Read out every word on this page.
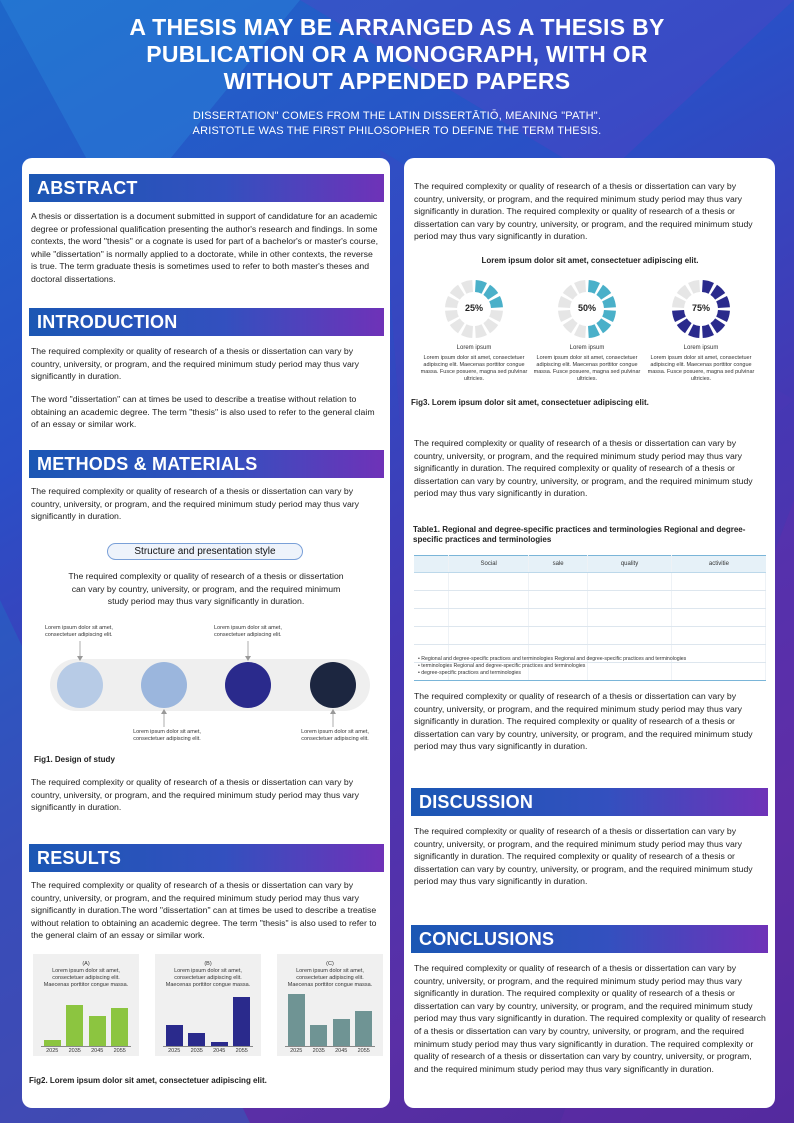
A THESIS MAY BE ARRANGED AS A THESIS BY PUBLICATION OR A MONOGRAPH, WITH OR WITHOUT APPENDED PAPERS
DISSERTATION" COMES FROM THE LATIN DISSERTĀTIŌ, MEANING "PATH".
ARISTOTLE WAS THE FIRST PHILOSOPHER TO DEFINE THE TERM THESIS.
ABSTRACT
A thesis or dissertation is a document submitted in support of candidature for an academic degree or professional qualification presenting the author's research and findings. In some contexts, the word "thesis" or a cognate is used for part of a bachelor's or master's course, while "dissertation" is normally applied to a doctorate, while in other contexts, the reverse is true. The term graduate thesis is sometimes used to refer to both master's theses and doctoral dissertations.
INTRODUCTION
The required complexity or quality of research of a thesis or dissertation can vary by country, university, or program, and the required minimum study period may thus vary significantly in duration.
The word "dissertation" can at times be used to describe a treatise without relation to obtaining an academic degree. The term "thesis" is also used to refer to the general claim of an essay or similar work.
METHODS & MATERIALS
The required complexity or quality of research of a thesis or dissertation can vary by country, university, or program, and the required minimum study period may thus vary significantly in duration.
Structure and presentation style
The required complexity or quality of research of a thesis or dissertation can vary by country, university, or program, and the required minimum study period may thus vary significantly in duration.
Lorem ipsum dolor sit amet, consectetuer adipiscing elit.
Lorem ipsum dolor sit amet, consectetuer adipiscing elit.
Lorem ipsum dolor sit amet, consectetuer adipiscing elit.
Lorem ipsum dolor sit amet, consectetuer adipiscing elit.
Fig1. Design of study
The required complexity or quality of research of a thesis or dissertation can vary by country, university, or program, and the required minimum study period may thus vary significantly in duration.
RESULTS
The required complexity or quality of research of a thesis or dissertation can vary by country, university, or program, and the required minimum study period may thus vary significantly in duration.The word "dissertation" can at times be used to describe a treatise without relation to obtaining an academic degree. The term "thesis" is also used to refer to the general claim of an essay or similar work.
(A)
Lorem ipsum dolor sit amet, consectetuer adipiscing elit. Maecenas porttitor congue massa.
2025	2035	2045	2055
(B)
Lorem ipsum dolor sit amet, consectetuer adipiscing elit. Maecenas porttitor congue massa.
2025	2035	2045	2055
(C)
Lorem ipsum dolor sit amet, consectetuer adipiscing elit. Maecenas porttitor congue massa.
2025	2035	2045	2055
Fig2. Lorem ipsum dolor sit amet, consectetuer adipiscing elit.
The required complexity or quality of research of a thesis or dissertation can vary by country, university, or program, and the required minimum study period may thus vary significantly in duration. The required complexity or quality of research of a thesis or dissertation can vary by country, university, or program, and the required minimum study period may thus vary significantly in duration.
Lorem ipsum dolor sit amet, consectetuer adipiscing elit.
25%
Lorem ipsum
Lorem ipsum dolor sit amet, consectetuer adipiscing elit. Maecenas porttitor congue massa. Fusce posuere, magna sed pulvinar ultricies.
50%
Lorem ipsum
Lorem ipsum dolor sit amet, consectetuer adipiscing elit. Maecenas porttitor congue massa. Fusce posuere, magna sed pulvinar ultricies.
75%
Lorem ipsum
Lorem ipsum dolor sit amet, consectetuer adipiscing elit. Maecenas porttitor congue massa. Fusce posuere, magna sed pulvinar ultricies.
Fig3. Lorem ipsum dolor sit amet, consectetuer adipiscing elit.
The required complexity or quality of research of a thesis or dissertation can vary by country, university, or program, and the required minimum study period may thus vary significantly in duration. The required complexity or quality of research of a thesis or dissertation can vary by country, university, or program, and the required minimum study period may thus vary significantly in duration.
Table1. Regional and degree-specific practices and terminologies Regional and degree-specific practices and terminologies
	Social	sale	quality	activitie

• Regional and degree-specific practices and terminologies Regional and degree-specific practices and terminologies
• terminologies Regional and degree-specific practices and terminologies
• degree-specific practices and terminologies
The required complexity or quality of research of a thesis or dissertation can vary by country, university, or program, and the required minimum study period may thus vary significantly in duration. The required complexity or quality of research of a thesis or dissertation can vary by country, university, or program, and the required minimum study period may thus vary significantly in duration.
DISCUSSION
The required complexity or quality of research of a thesis or dissertation can vary by country, university, or program, and the required minimum study period may thus vary significantly in duration. The required complexity or quality of research of a thesis or dissertation can vary by country, university, or program, and the required minimum study period may thus vary significantly in duration.
CONCLUSIONS
The required complexity or quality of research of a thesis or dissertation can vary by country, university, or program, and the required minimum study period may thus vary significantly in duration. The required complexity or quality of research of a thesis or dissertation can vary by country, university, or program, and the required minimum study period may thus vary significantly in duration. The required complexity or quality of research of a thesis or dissertation can vary by country, university, or program, and the required minimum study period may thus vary significantly in duration. The required complexity or quality of research of a thesis or dissertation can vary by country, university, or program, and the required minimum study period may thus vary significantly in duration.
